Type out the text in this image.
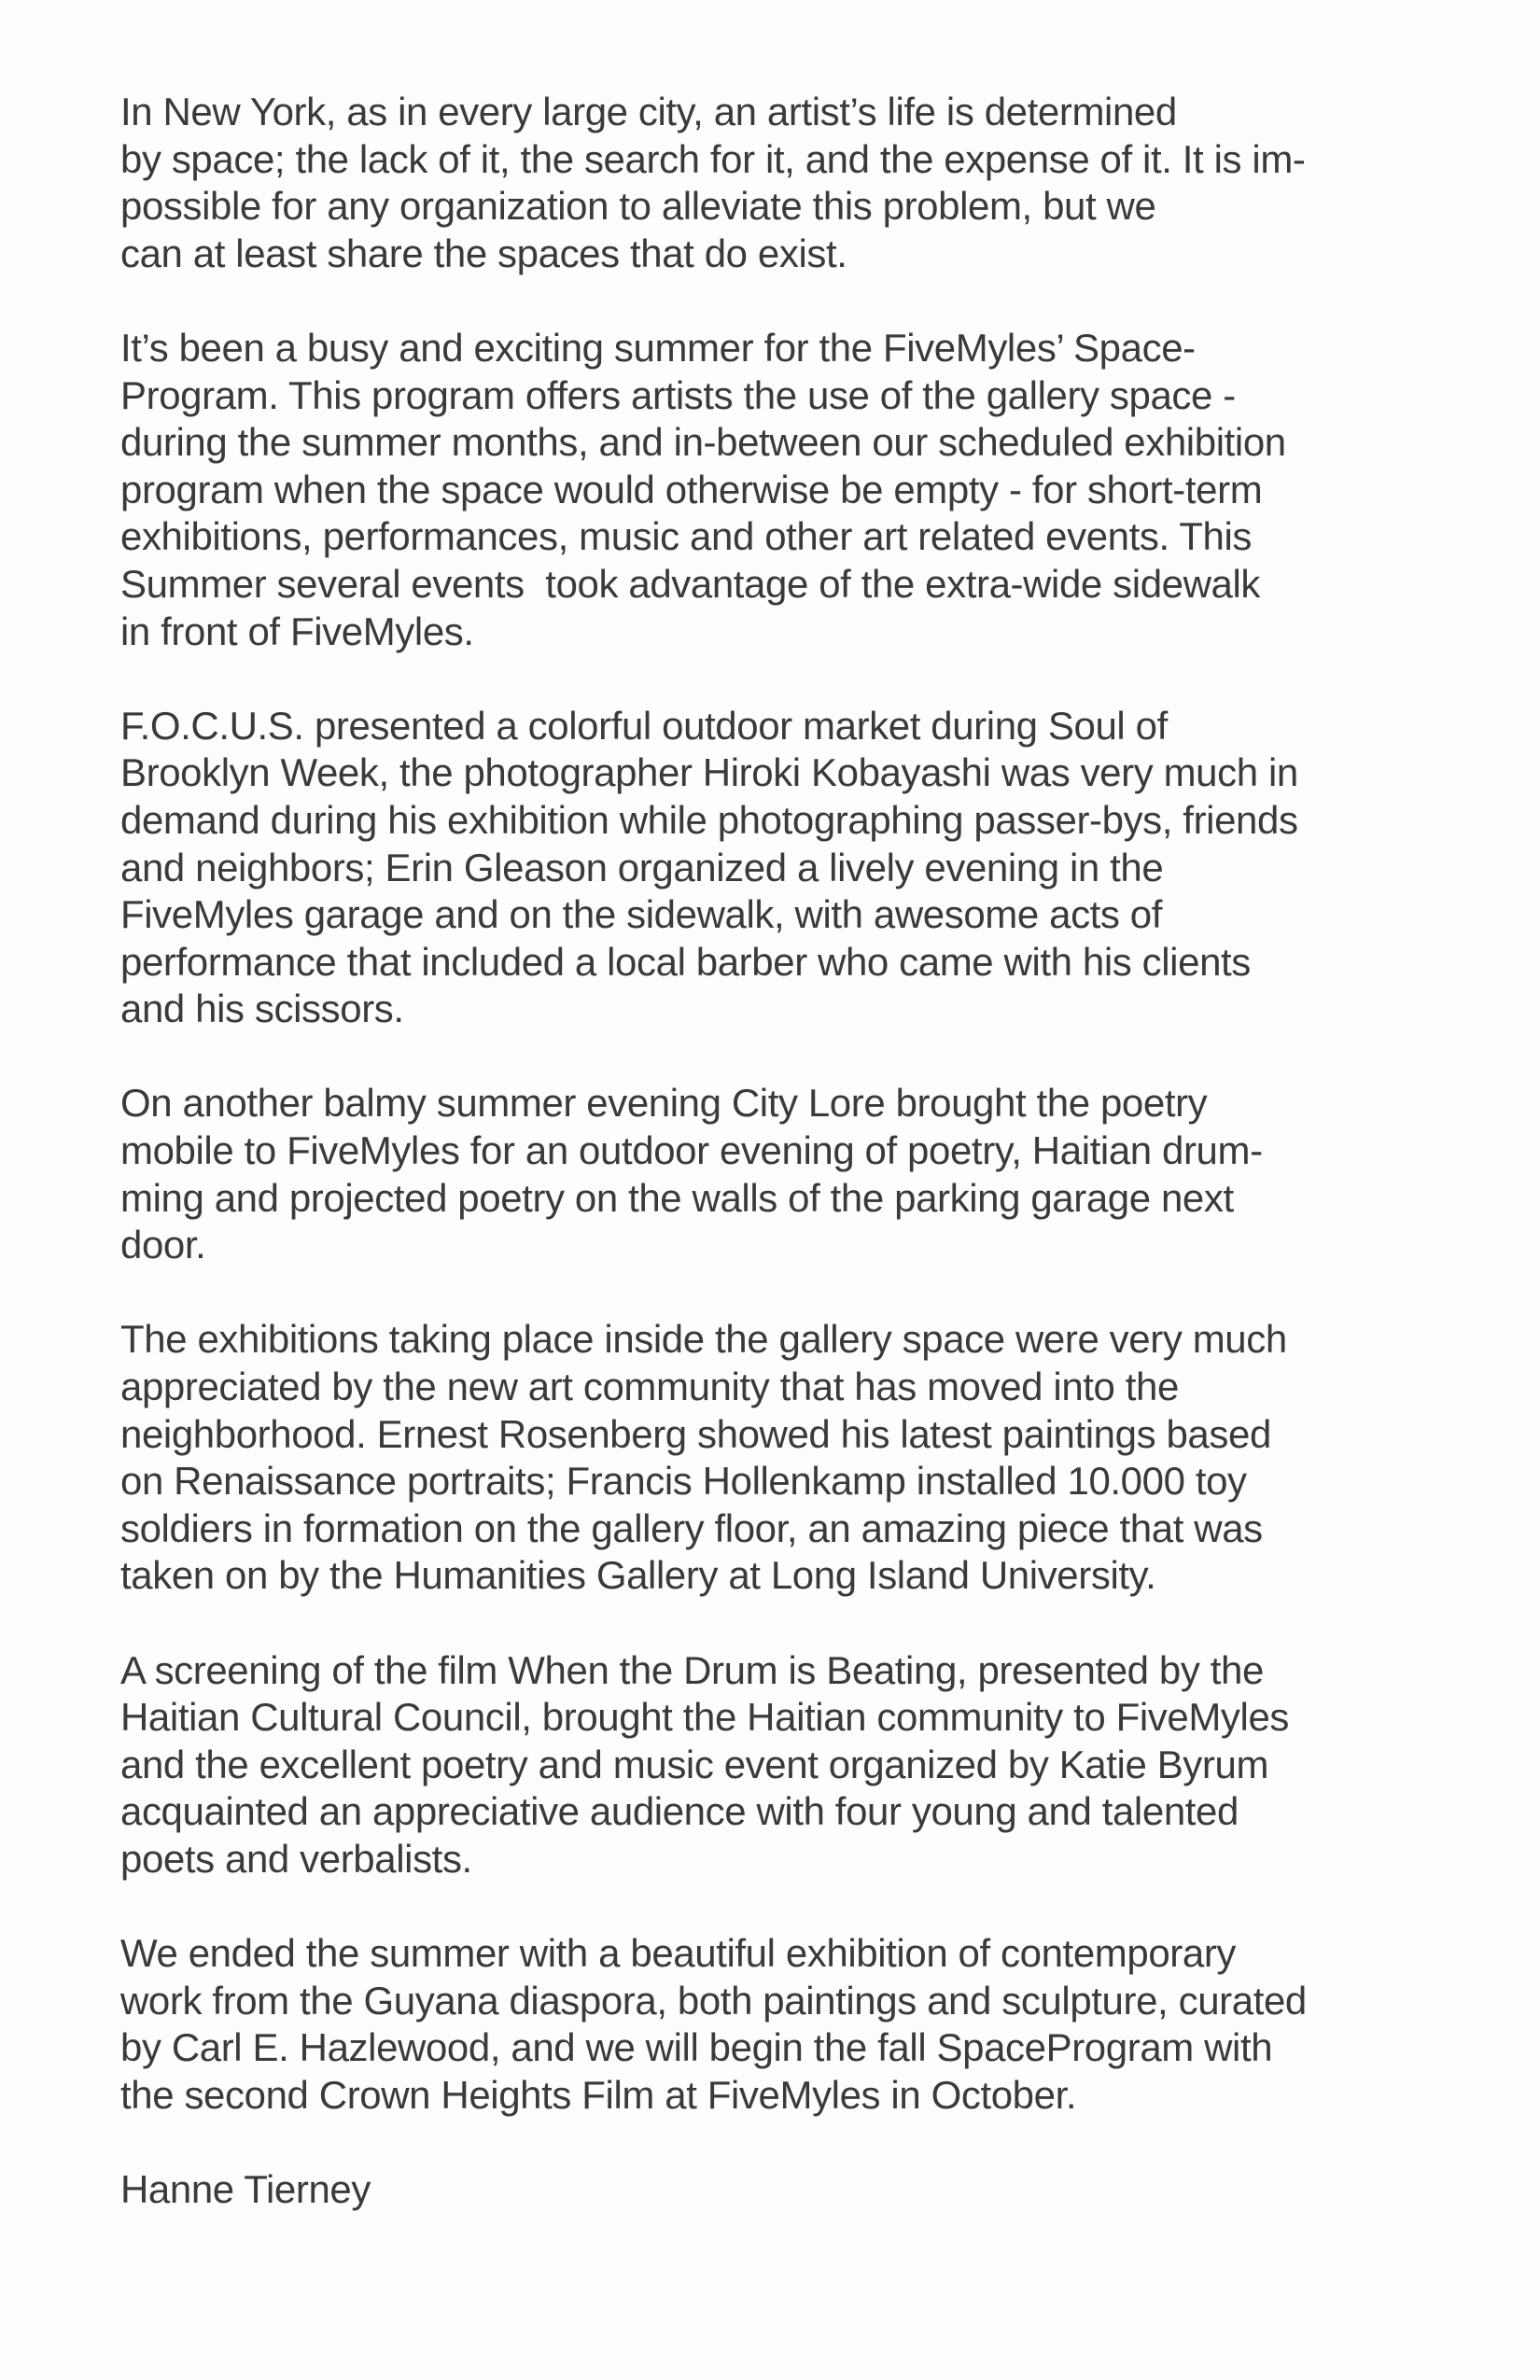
In New York, as in every large city, an artist’s life is determined
by space; the lack of it, the search for it, and the expense of it. It is im-
possible for any organization to alleviate this problem, but we
can at least share the spaces that do exist.

It’s been a busy and exciting summer for the FiveMyles’ Space-
Program. This program offers artists the use of the gallery space -
during the summer months, and in-between our scheduled exhibition
program when the space would otherwise be empty - for short-term
exhibitions, performances, music and other art related events. This
Summer several events  took advantage of the extra-wide sidewalk
in front of FiveMyles.

F.O.C.U.S. presented a colorful outdoor market during Soul of
Brooklyn Week, the photographer Hiroki Kobayashi was very much in
demand during his exhibition while photographing passer-bys, friends
and neighbors; Erin Gleason organized a lively evening in the
FiveMyles garage and on the sidewalk, with awesome acts of
performance that included a local barber who came with his clients
and his scissors.

On another balmy summer evening City Lore brought the poetry
mobile to FiveMyles for an outdoor evening of poetry, Haitian drum-
ming and projected poetry on the walls of the parking garage next
door.

The exhibitions taking place inside the gallery space were very much
appreciated by the new art community that has moved into the
neighborhood. Ernest Rosenberg showed his latest paintings based
on Renaissance portraits; Francis Hollenkamp installed 10.000 toy
soldiers in formation on the gallery floor, an amazing piece that was
taken on by the Humanities Gallery at Long Island University.

A screening of the film When the Drum is Beating, presented by the
Haitian Cultural Council, brought the Haitian community to FiveMyles
and the excellent poetry and music event organized by Katie Byrum
acquainted an appreciative audience with four young and talented
poets and verbalists.

We ended the summer with a beautiful exhibition of contemporary
work from the Guyana diaspora, both paintings and sculpture, curated
by Carl E. Hazlewood, and we will begin the fall SpaceProgram with
the second Crown Heights Film at FiveMyles in October.

Hanne Tierney
